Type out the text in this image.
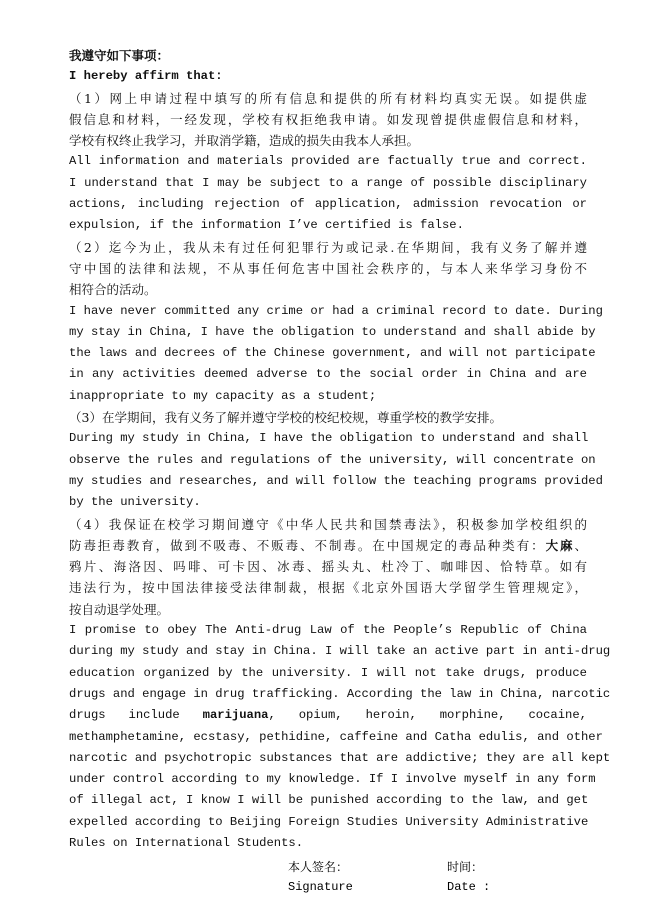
我遵守如下事项：
I hereby affirm that:
（1）网上申请过程中填写的所有信息和提供的所有材料均真实无误。如提供虚
假信息和材料，一经发现，学校有权拒绝我申请。如发现曾提供虚假信息和材料，
学校有权终止我学习，并取消学籍，造成的损失由我本人承担。
All information and materials provided are factually true and correct.
I understand that I may be subject to a range of possible disciplinary
actions, including rejection of application, admission revocation or
expulsion, if the information I’ve certified is false.
（2）迄今为止，我从未有过任何犯罪行为或记录.在华期间，我有义务了解并遵
守中国的法律和法规，不从事任何危害中国社会秩序的，与本人来华学习身份不
相符合的活动。
I have never committed any crime or had a criminal record to date. During
my stay in China, I have the obligation to understand and shall abide by
the laws and decrees of the Chinese government, and will not participate
in any activities deemed adverse to the social order in China and are
inappropriate to my capacity as a student;
（3）在学期间，我有义务了解并遵守学校的校纪校规，尊重学校的教学安排。
During my study in China, I have the obligation to understand and shall
observe the rules and regulations of the university, will concentrate on
my studies and researches, and will follow the teaching programs provided
by the university.
（4）我保证在校学习期间遵守《中华人民共和国禁毒法》，积极参加学校组织的
防毒拒毒教育，做到不吸毒、不贩毒、不制毒。在中国规定的毒品种类有：大麻、
鸦片、海洛因、吗啡、可卡因、冰毒、摇头丸、杜冷丁、咖啡因、恰特草。如有
违法行为，按中国法律接受法律制裁，根据《北京外国语大学留学生管理规定》，
按自动退学处理。
I promise to obey The Anti-drug Law of the People’s Republic of China
during my study and stay in China. I will take an active part in anti-drug
education organized by the university. I will not take drugs, produce
drugs and engage in drug trafficking. According the law in China, narcotic
drugs include marijuana, opium, heroin, morphine, cocaine,
methamphetamine, ecstasy, pethidine, caffeine and Catha edulis, and other
narcotic and psychotropic substances that are addictive; they are all kept
under control according to my knowledge. If I involve myself in any form
of illegal act, I know I will be punished according to the law, and get
expelled according to Beijing Foreign Studies University Administrative
Rules on International Students.
本人签名：	时间：
Signature	Date :
